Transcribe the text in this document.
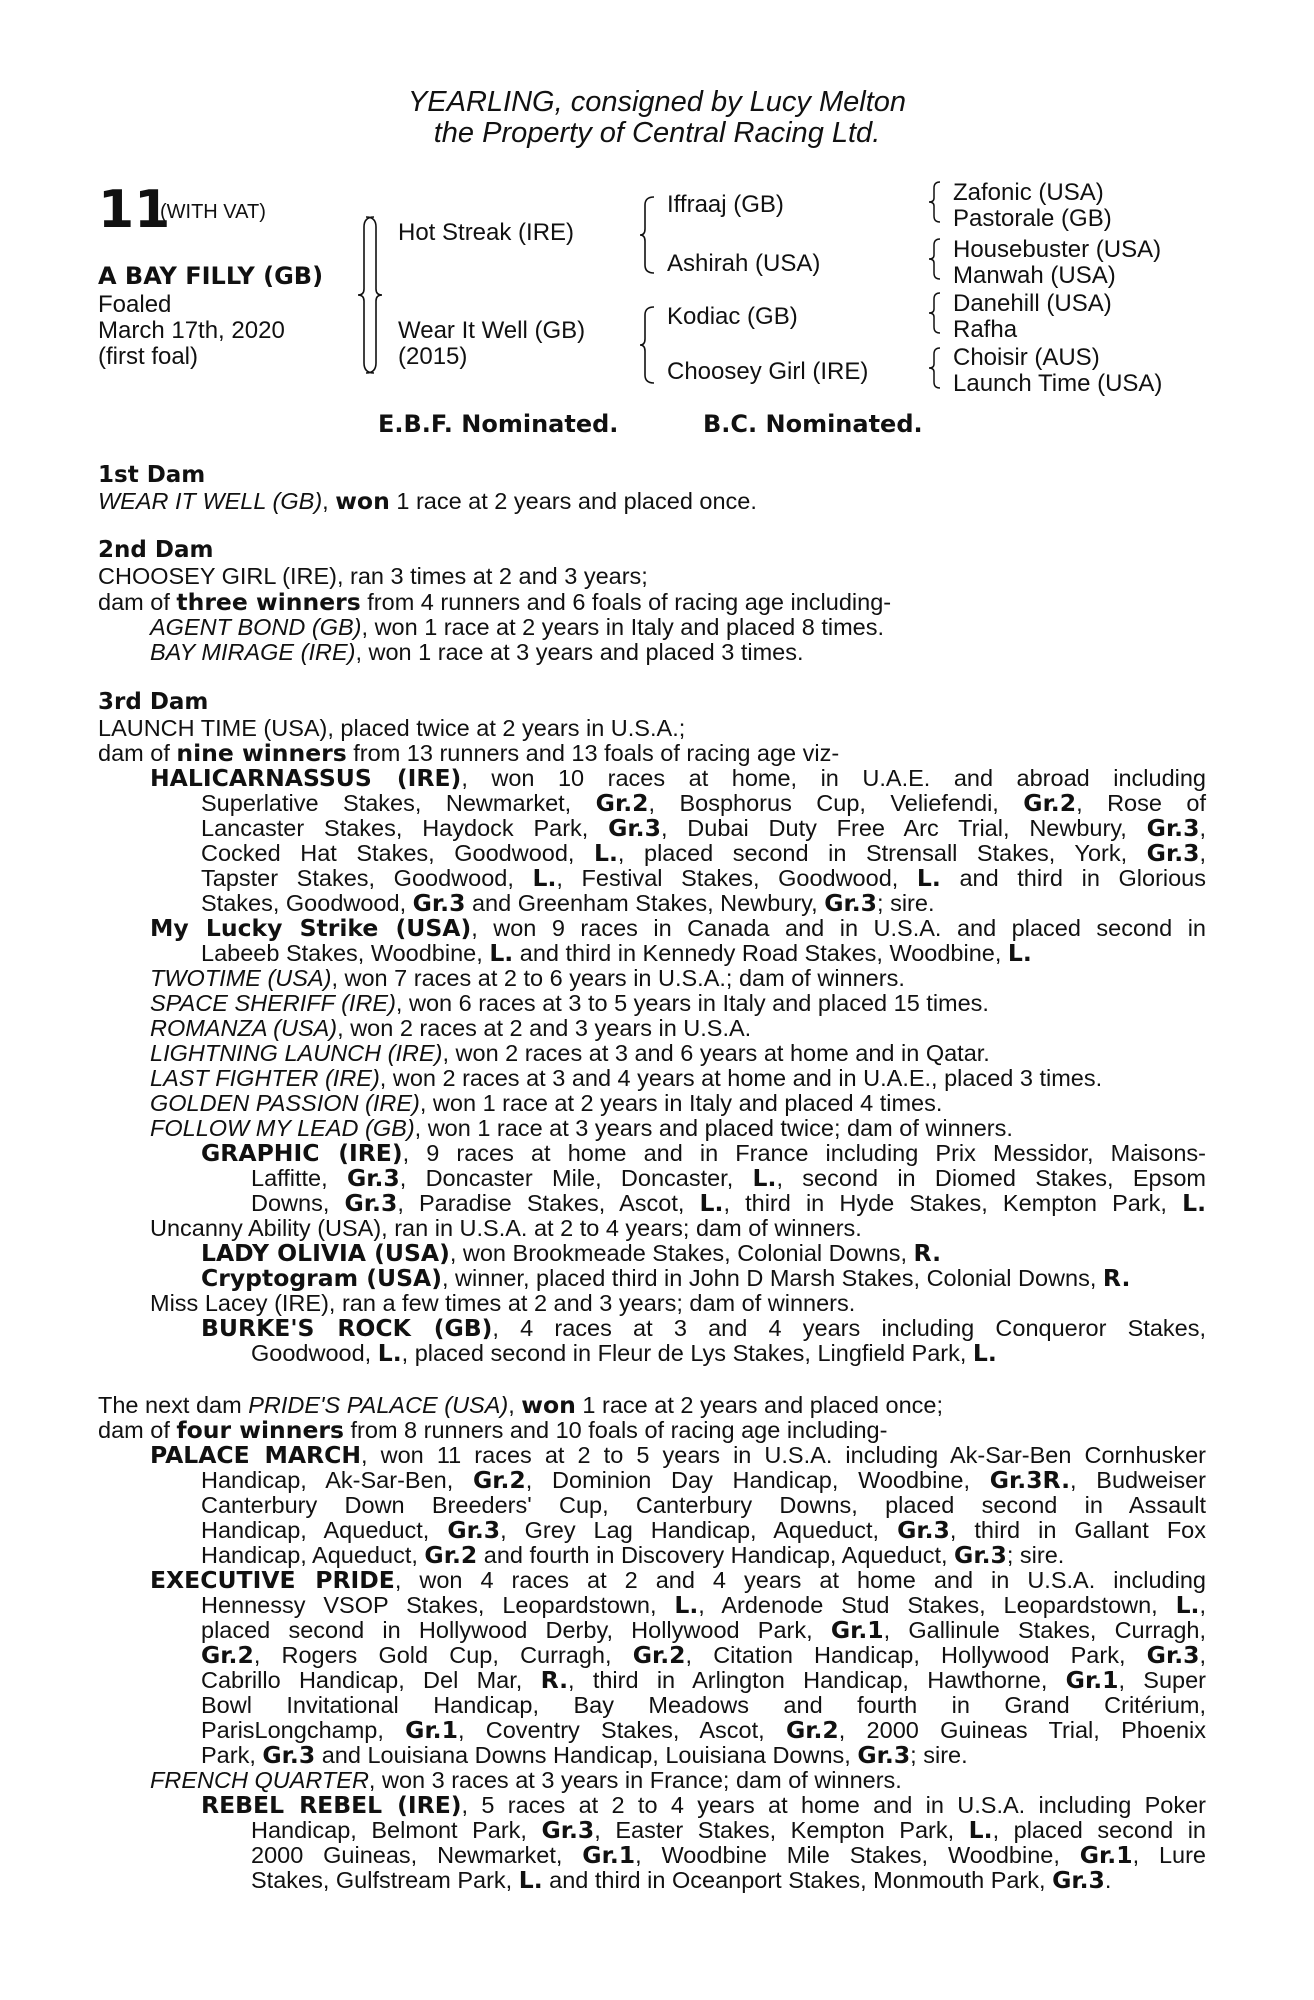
YEARLING, consigned by Lucy Melton
the Property of Central Racing Ltd.
11
(WITH VAT)
A BAY FILLY (GB)
Foaled
March 17th, 2020
(first foal)
Hot Streak (IRE)
Wear It Well (GB)
(2015)
Iffraaj (GB)
Ashirah (USA)
Kodiac (GB)
Choosey Girl (IRE)
Zafonic (USA)
Pastorale (GB)
Housebuster (USA)
Manwah (USA)
Danehill (USA)
Rafha
Choisir (AUS)
Launch Time (USA)
E.B.F. Nominated.	B.C. Nominated.
1st Dam
WEAR IT WELL (GB), won 1 race at 2 years and placed once.
2nd Dam
CHOOSEY GIRL (IRE), ran 3 times at 2 and 3 years;
dam of three winners from 4 runners and 6 foals of racing age including-
AGENT BOND (GB), won 1 race at 2 years in Italy and placed 8 times.
BAY MIRAGE (IRE), won 1 race at 3 years and placed 3 times.
3rd Dam
LAUNCH TIME (USA), placed twice at 2 years in U.S.A.;
dam of nine winners from 13 runners and 13 foals of racing age viz-
HALICARNASSUS (IRE), won 10 races at home, in U.A.E. and abroad including
Superlative Stakes, Newmarket, Gr.2, Bosphorus Cup, Veliefendi, Gr.2, Rose of
Lancaster Stakes, Haydock Park, Gr.3, Dubai Duty Free Arc Trial, Newbury, Gr.3,
Cocked Hat Stakes, Goodwood, L., placed second in Strensall Stakes, York, Gr.3,
Tapster Stakes, Goodwood, L., Festival Stakes, Goodwood, L. and third in Glorious
Stakes, Goodwood, Gr.3 and Greenham Stakes, Newbury, Gr.3; sire.
My Lucky Strike (USA), won 9 races in Canada and in U.S.A. and placed second in
Labeeb Stakes, Woodbine, L. and third in Kennedy Road Stakes, Woodbine, L.
TWOTIME (USA), won 7 races at 2 to 6 years in U.S.A.; dam of winners.
SPACE SHERIFF (IRE), won 6 races at 3 to 5 years in Italy and placed 15 times.
ROMANZA (USA), won 2 races at 2 and 3 years in U.S.A.
LIGHTNING LAUNCH (IRE), won 2 races at 3 and 6 years at home and in Qatar.
LAST FIGHTER (IRE), won 2 races at 3 and 4 years at home and in U.A.E., placed 3 times.
GOLDEN PASSION (IRE), won 1 race at 2 years in Italy and placed 4 times.
FOLLOW MY LEAD (GB), won 1 race at 3 years and placed twice; dam of winners.
GRAPHIC (IRE), 9 races at home and in France including Prix Messidor, Maisons-
Laffitte, Gr.3, Doncaster Mile, Doncaster, L., second in Diomed Stakes, Epsom
Downs, Gr.3, Paradise Stakes, Ascot, L., third in Hyde Stakes, Kempton Park, L.
Uncanny Ability (USA), ran in U.S.A. at 2 to 4 years; dam of winners.
LADY OLIVIA (USA), won Brookmeade Stakes, Colonial Downs, R.
Cryptogram (USA), winner, placed third in John D Marsh Stakes, Colonial Downs, R.
Miss Lacey (IRE), ran a few times at 2 and 3 years; dam of winners.
BURKE'S ROCK (GB), 4 races at 3 and 4 years including Conqueror Stakes,
Goodwood, L., placed second in Fleur de Lys Stakes, Lingfield Park, L.
The next dam PRIDE'S PALACE (USA), won 1 race at 2 years and placed once;
dam of four winners from 8 runners and 10 foals of racing age including-
PALACE MARCH, won 11 races at 2 to 5 years in U.S.A. including Ak-Sar-Ben Cornhusker
Handicap, Ak-Sar-Ben, Gr.2, Dominion Day Handicap, Woodbine, Gr.3R., Budweiser
Canterbury Down Breeders' Cup, Canterbury Downs, placed second in Assault
Handicap, Aqueduct, Gr.3, Grey Lag Handicap, Aqueduct, Gr.3, third in Gallant Fox
Handicap, Aqueduct, Gr.2 and fourth in Discovery Handicap, Aqueduct, Gr.3; sire.
EXECUTIVE PRIDE, won 4 races at 2 and 4 years at home and in U.S.A. including
Hennessy VSOP Stakes, Leopardstown, L., Ardenode Stud Stakes, Leopardstown, L.,
placed second in Hollywood Derby, Hollywood Park, Gr.1, Gallinule Stakes, Curragh,
Gr.2, Rogers Gold Cup, Curragh, Gr.2, Citation Handicap, Hollywood Park, Gr.3,
Cabrillo Handicap, Del Mar, R., third in Arlington Handicap, Hawthorne, Gr.1, Super
Bowl Invitational Handicap, Bay Meadows and fourth in Grand Critérium,
ParisLongchamp, Gr.1, Coventry Stakes, Ascot, Gr.2, 2000 Guineas Trial, Phoenix
Park, Gr.3 and Louisiana Downs Handicap, Louisiana Downs, Gr.3; sire.
FRENCH QUARTER, won 3 races at 3 years in France; dam of winners.
REBEL REBEL (IRE), 5 races at 2 to 4 years at home and in U.S.A. including Poker
Handicap, Belmont Park, Gr.3, Easter Stakes, Kempton Park, L., placed second in
2000 Guineas, Newmarket, Gr.1, Woodbine Mile Stakes, Woodbine, Gr.1, Lure
Stakes, Gulfstream Park, L. and third in Oceanport Stakes, Monmouth Park, Gr.3.
